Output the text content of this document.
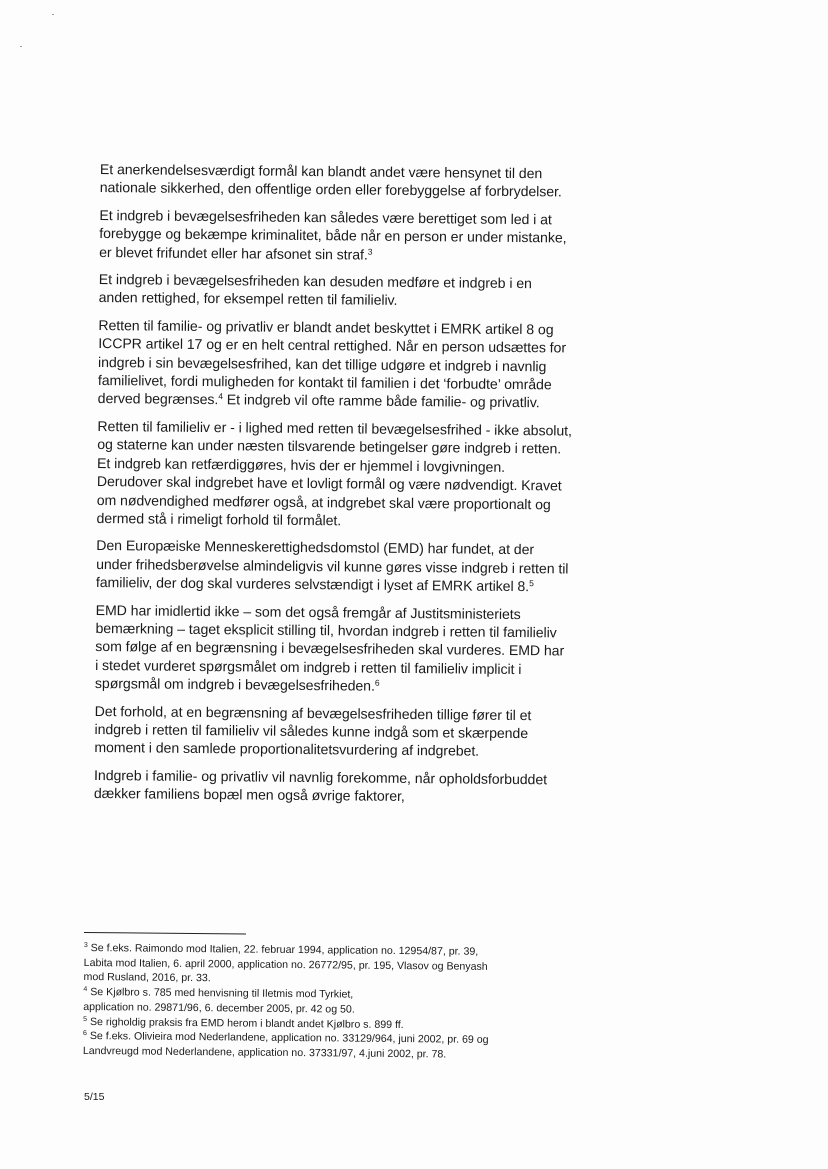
Et anerkendelsesværdigt formål kan blandt andet være hensynet til den nationale sikkerhed, den offentlige orden eller forebyggelse af forbrydelser.

Et indgreb i bevægelsesfriheden kan således være berettiget som led i at forebygge og bekæmpe kriminalitet, både når en person er under mistanke, er blevet frifundet eller har afsonet sin straf.$^3$

Et indgreb i bevægelsesfriheden kan desuden medføre et indgreb i en anden rettighed, for eksempel retten til familieliv.

Retten til familie- og privatliv er blandt andet beskyttet i EMRK artikel 8 og ICCPR artikel 17 og er en helt central rettighed. Når en person udsættes for indgreb i sin bevægelsesfrihed, kan det tillige udgøre et indgreb i navnlig familielivet, fordi muligheden for kontakt til familien i det ‘forbudte’ område derved begrænses.$^4$ Et indgreb vil ofte ramme både familie- og privatliv.

Retten til familieliv er - i lighed med retten til bevægelsesfrihed - ikke absolut, og staterne kan under næsten tilsvarende betingelser gøre indgreb i retten. Et indgreb kan retfærdiggøres, hvis der er hjemmel i lovgivningen. Derudover skal indgrebet have et lovligt formål og være nødvendigt. Kravet om nødvendighed medfører også, at indgrebet skal være proportionalt og dermed stå i rimeligt forhold til formålet.

Den Europæiske Menneskerettighedsdomstol (EMD) har fundet, at der under frihedsberøvelse almindeligvis vil kunne gøres visse indgreb i retten til familieliv, der dog skal vurderes selvstændigt i lyset af EMRK artikel 8.$^5$

EMD har imidlertid ikke – som det også fremgår af Justitsministeriets bemærkning – taget eksplicit stilling til, hvordan indgreb i retten til familieliv som følge af en begrænsning i bevægelsesfriheden skal vurderes. EMD har i stedet vurderet spørgsmålet om indgreb i retten til familieliv implicit i spørgsmål om indgreb i bevægelsesfriheden.$^6$

Det forhold, at en begrænsning af bevægelsesfriheden tillige fører til et indgreb i retten til familieliv vil således kunne indgå som et skærpende moment i den samlede proportionalitetsvurdering af indgrebet.

Indgreb i familie- og privatliv vil navnlig forekomme, når opholdsforbuddet dækker familiens bopæl men også øvrige faktorer,

$^3$ Se f.eks. Raimondo mod Italien, 22. februar 1994, application no. 12954/87, pr. 39,
Labita mod Italien, 6. april 2000, application no. 26772/95, pr. 195, Vlasov og Benyash
mod Rusland, 2016, pr. 33.
$^4$ Se Kjølbro s. 785 med henvisning til Iletmis mod Tyrkiet,
application no. 29871/96, 6. december 2005, pr. 42 og 50.
$^5$ Se righoldig praksis fra EMD herom i blandt andet Kjølbro s. 899 ff.
$^6$ Se f.eks. Olivieira mod Nederlandene, application no. 33129/964, juni 2002, pr. 69 og
Landvreugd mod Nederlandene, application no. 37331/97, 4.juni 2002, pr. 78.
5/15
